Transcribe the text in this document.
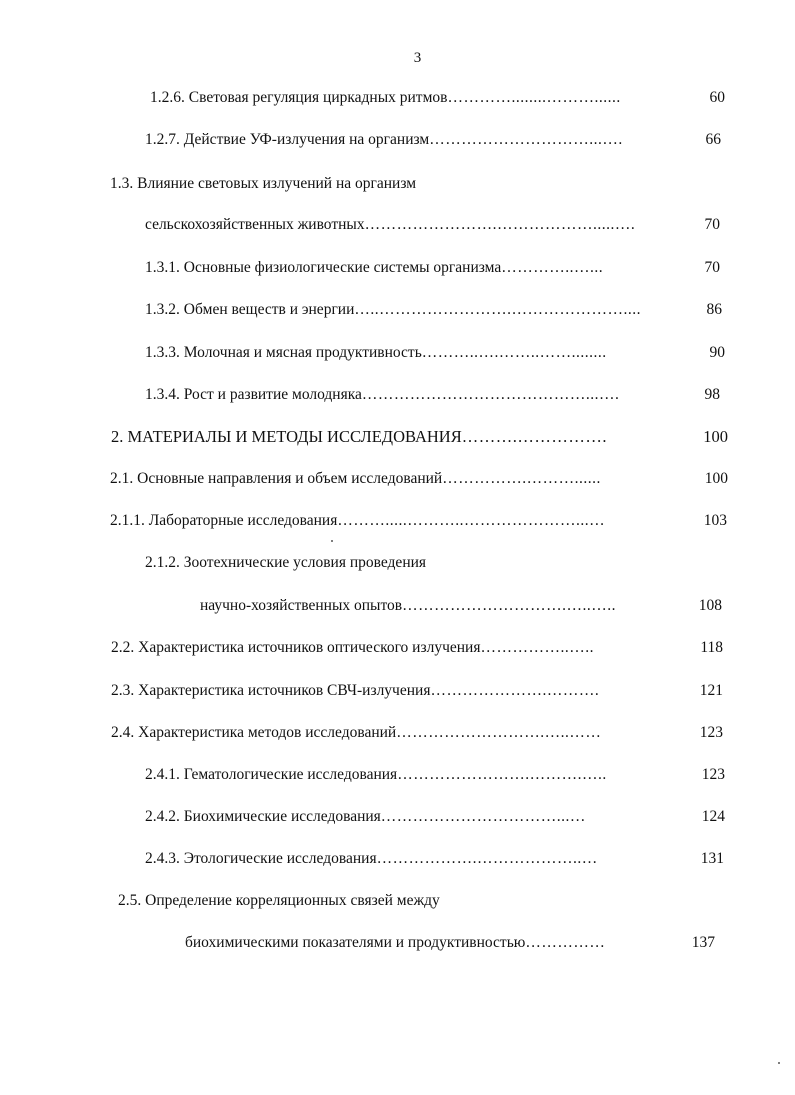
3
1.2.6. Световая регуляция циркадных ритмов …………........………......	60
1.2.7. Действие УФ-излучения на организм …………………………...….	66
1.3. Влияние световых излучений на организм
сельскохозяйственных животных …………………….……………….....….	70
1.3.1. Основные физиологические системы организма …………..…...	70
1.3.2. Обмен веществ и энергии …..…………………….…………………....	86
1.3.3. Молочная и мясная продуктивность ………..….……..……........	90
1.3.4. Рост и развитие молодняка ……………………………………...….	98
2. МАТЕРИАЛЫ И МЕТОДЫ ИССЛЕДОВАНИЯ ……….…………….	100
2.1. Основные направления и объем исследований …………….………......	100
2.1.1. Лабораторные исследования ……….....………..…………………...…	103
2.1.2. Зоотехнические условия проведения
научно-хозяйственных опытов ………………………….…..…..	108
2.2. Характеристика источников оптического излучения ……………..…..	118
2.3. Характеристика источников СВЧ-излучения ………………….……….	121
2.4. Характеристика методов исследований ……………………….…..……	123
2.4.1. Гематологические исследования …………………….……….…..	123
2.4.2. Биохимические исследования ……………………………...…	124
2.4.3. Этологические исследования ……………….………………..…	131
2.5. Определение корреляционных связей между
биохимическими показателями и продуктивностью ……………	137
